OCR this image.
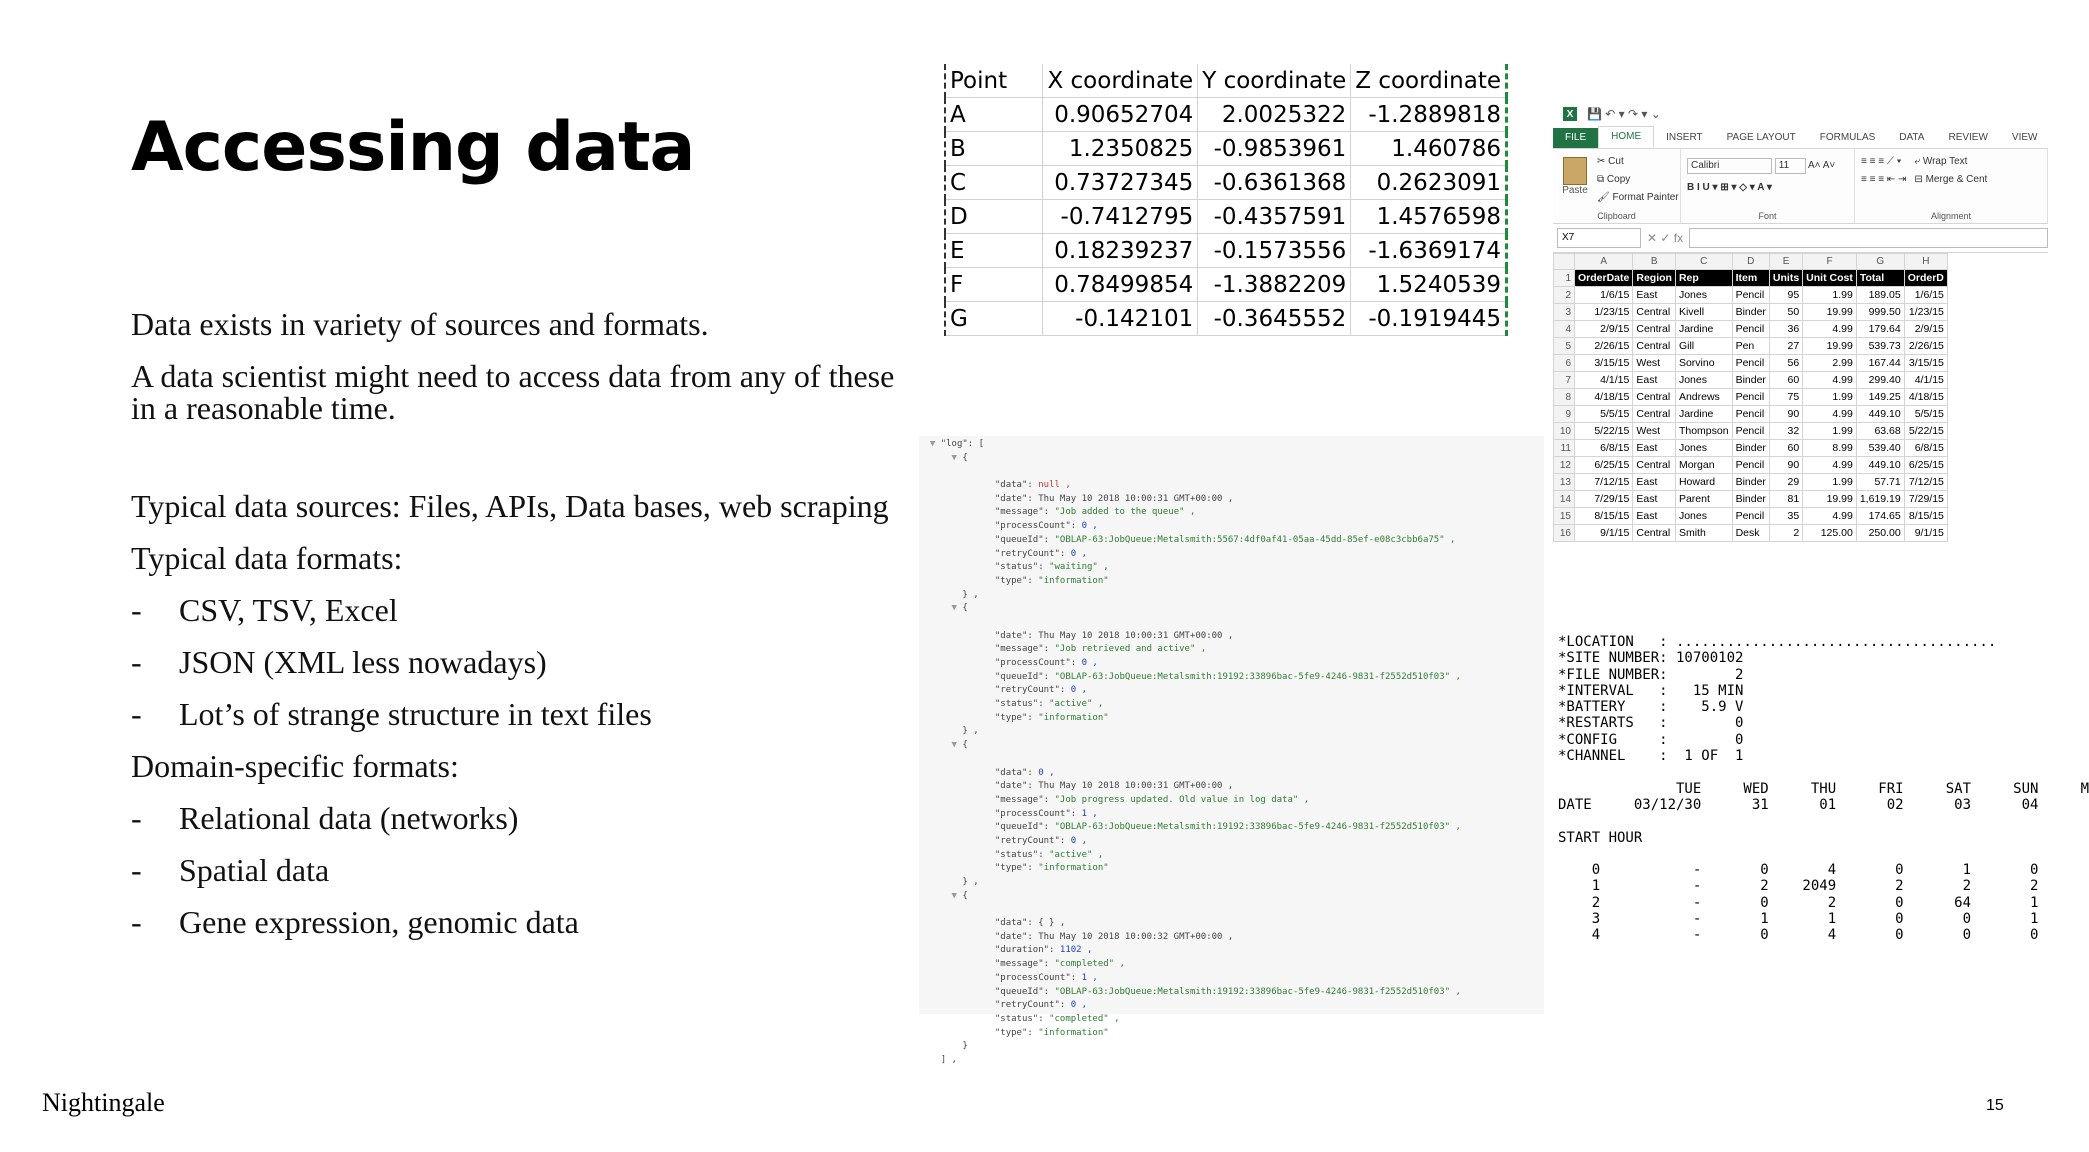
Accessing data

Data exists in variety of sources and formats.

A data scientist might need to access data from any of these in a reasonable time.

Typical data sources: Files, APIs, Data bases, web scraping

Typical data formats:

-	CSV, TSV, Excel
-	JSON (XML less nowadays)
-	Lot’s of strange structure in text files

Domain-specific formats:

-	Relational data (networks)
-	Spatial data
-	Gene expression, genomic data
Nightingale	15
Point	X coordinate	Y coordinate	Z coordinate
A	0.90652704	2.0025322	-1.2889818
B	1.2350825	-0.9853961	1.460786
C	0.73727345	-0.6361368	0.2623091
D	-0.7412795	-0.4357591	1.4576598
E	0.18239237	-0.1573556	-1.6369174
F	0.78499854	-1.3882209	1.5240539
G	-0.142101	-0.3645552	-0.1919445
X	💾 ↶ ▾ ↷ ▾ ⌄
FILE	HOME	INSERT	PAGE LAYOUT	FORMULAS	DATA	REVIEW	VIEW
Paste
✂ Cut
⧉ Copy
🖌 Format Painter
Clipboard
Calibri	11 A˄ A˅
B I U ▾ ⊞ ▾ ◇ ▾ A ▾
Font
≡ ≡ ≡ ⟋ ▾
≡ ≡ ≡ ⇤ ⇥
⤶ Wrap Text
⊟ Merge & Cent
Alignment
X7	✕ ✓ fx
	A	B	C	D	E	F	G	H
1	OrderDate	Region	Rep	Item	Units	Unit Cost	Total	OrderD
2	1/6/15	East	Jones	Pencil	95	1.99	189.05	1/6/15
3	1/23/15	Central	Kivell	Binder	50	19.99	999.50	1/23/15
4	2/9/15	Central	Jardine	Pencil	36	4.99	179.64	2/9/15
5	2/26/15	Central	Gill	Pen	27	19.99	539.73	2/26/15
6	3/15/15	West	Sorvino	Pencil	56	2.99	167.44	3/15/15
7	4/1/15	East	Jones	Binder	60	4.99	299.40	4/1/15
8	4/18/15	Central	Andrews	Pencil	75	1.99	149.25	4/18/15
9	5/5/15	Central	Jardine	Pencil	90	4.99	449.10	5/5/15
10	5/22/15	West	Thompson	Pencil	32	1.99	63.68	5/22/15
11	6/8/15	East	Jones	Binder	60	8.99	539.40	6/8/15
12	6/25/15	Central	Morgan	Pencil	90	4.99	449.10	6/25/15
13	7/12/15	East	Howard	Binder	29	1.99	57.71	7/12/15
14	7/29/15	East	Parent	Binder	81	19.99	1,619.19	7/29/15
15	8/15/15	East	Jones	Pencil	35	4.99	174.65	8/15/15
16	9/1/15	Central	Smith	Desk	2	125.00	250.00	9/1/15
▼ "log": [
▼ {

"data": null ,
"date": Thu May 10 2018 10:00:31 GMT+00:00 ,
"message": "Job added to the queue" ,
"processCount": 0 ,
"queueId": "OBLAP-63:JobQueue:Metalsmith:5567:4df0af41-05aa-45dd-85ef-e08c3cbb6a75" ,
"retryCount": 0 ,
"status": "waiting" ,
"type": "information"
} ,
▼ {

"date": Thu May 10 2018 10:00:31 GMT+00:00 ,
"message": "Job retrieved and active" ,
"processCount": 0 ,
"queueId": "OBLAP-63:JobQueue:Metalsmith:19192:33896bac-5fe9-4246-9831-f2552d510f03" ,
"retryCount": 0 ,
"status": "active" ,
"type": "information"
} ,
▼ {

"data": 0 ,
"date": Thu May 10 2018 10:00:31 GMT+00:00 ,
"message": "Job progress updated. Old value in log data" ,
"processCount": 1 ,
"queueId": "OBLAP-63:JobQueue:Metalsmith:19192:33896bac-5fe9-4246-9831-f2552d510f03" ,
"retryCount": 0 ,
"status": "active" ,
"type": "information"
} ,
▼ {

"data": { } ,
"date": Thu May 10 2018 10:00:32 GMT+00:00 ,
"duration": 1102 ,
"message": "completed" ,
"processCount": 1 ,
"queueId": "OBLAP-63:JobQueue:Metalsmith:19192:33896bac-5fe9-4246-9831-f2552d510f03" ,
"retryCount": 0 ,
"status": "completed" ,
"type": "information"
}
] ,
*LOCATION   : ......................................
*SITE NUMBER: 10700102
*FILE NUMBER:        2
*INTERVAL   :   15 MIN
*BATTERY    :    5.9 V
*RESTARTS   :        0
*CONFIG     :        0
*CHANNEL    :  1 OF  1
TUE     WED     THU     FRI     SAT     SUN     M
DATE     03/12/30      31      01      02      03      04
START HOUR
0           -       0       4       0       1       0
1           -       2    2049       2       2       2
2           -       0       2       0      64       1
3           -       1       1       0       0       1
4           -       0       4       0       0       0
